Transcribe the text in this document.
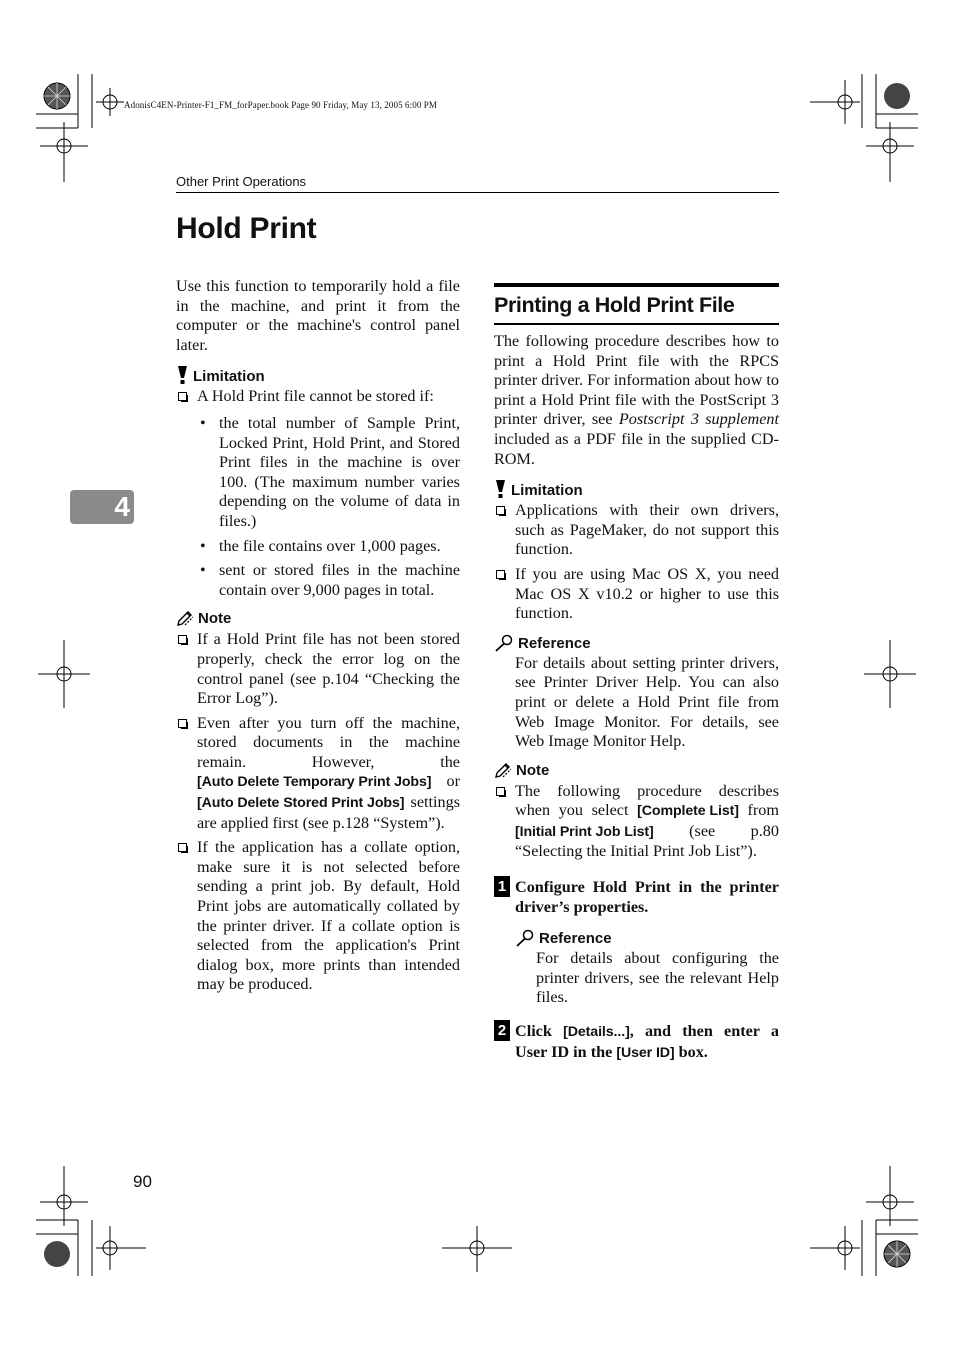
AdonisC4EN-Printer-F1_FM_forPaper.book Page 90 Friday, May 13, 2005 6:00 PM
Other Print Operations
Hold Print
4

Use this function to temporarily hold a file in the machine, and print it from the computer or the machine's control panel later.

Limitation
A Hold Print file cannot be stored if:
• the total number of Sample Print, Locked Print, Hold Print, and Stored Print files in the machine is over 100. (The maximum number varies depending on the volume of data in files.)
• the file contains over 1,000 pages.
• sent or stored files in the machine contain over 9,000 pages in total.
Note
If a Hold Print file has not been stored properly, check the error log on the control panel (see p.104 “Checking the Error Log”).
Even after you turn off the machine, stored documents in the machine remain. However, the [Auto Delete Temporary Print Jobs] or [Auto Delete Stored Print Jobs] settings are applied first (see p.128 “System”).
If the application has a collate option, make sure it is not selected before sending a print job. By default, Hold Print jobs are automatically collated by the printer driver. If a collate option is selected from the application's Print dialog box, more prints than intended may be produced.
Printing a Hold Print File

The following procedure describes how to print a Hold Print file with the RPCS printer driver. For information about how to print a Hold Print file with the PostScript 3 printer driver, see Postscript 3 supplement included as a PDF file in the supplied CD-ROM.

Limitation
Applications with their own drivers, such as PageMaker, do not support this function.
If you are using Mac OS X, you need Mac OS X v10.2 or higher to use this function.
Reference

For details about setting printer drivers, see Printer Driver Help. You can also print or delete a Hold Print file from Web Image Monitor. For details, see Web Image Monitor Help.

Note
The following procedure describes when you select [Complete List] from [Initial Print Job List] (see p.80 “Selecting the Initial Print Job List”).
1 Configure Hold Print in the printer driver’s properties.
Reference

For details about configuring the printer drivers, see the relevant Help files.

2 Click [Details...], and then enter a User ID in the [User ID] box.
90
